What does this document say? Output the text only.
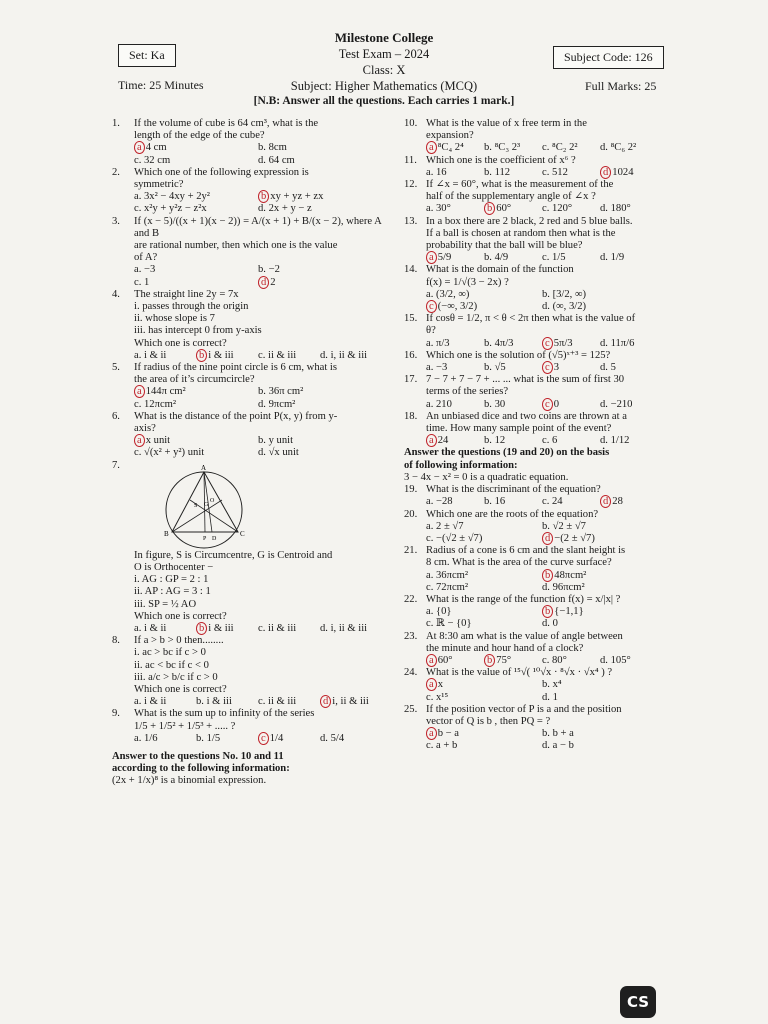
Milestone College
Test Exam – 2024
Class: X
Subject: Higher Mathematics (MCQ)
[N.B: Answer all the questions. Each carries 1 mark.]
Set: Ka	Subject Code: 126
Time: 25 Minutes	Full Marks: 25
1. If the volume of cube is 64 cm³, what is the
length of the edge of the cube?
a 4 cm	b. 8cm
c. 32 cm	d. 64 cm
2. Which one of the following expression is
symmetric?
a. 3x² − 4xy + 2y²	b xy + yz + zx
c. x²y + y²z − z²x	d. 2x + y − z
3. If (x − 5)/((x + 1)(x − 2)) = A/(x + 1) + B/(x − 2), where A and B
are rational number, then which one is the value
of A?
a. −3	b. −2
c. 1	d 2
4. The straight line 2y = 7x
i. passes through the origin
ii. whose slope is 7
iii. has intercept 0 from y-axis
Which one is correct?
a. i & ii	b i & iii	c. ii & iii	d. i, ii & iii
5. If radius of the nine point circle is 6 cm, what is
the area of it’s circumcircle?
a 144π cm²	b. 36π cm²
c. 12πcm²	d. 9πcm²
6. What is the distance of the point P(x, y) from y-
axis?
a x unit	b. y unit
c. √(x² + y²) unit	d. √x unit
7.	A
B	C
S G
O
P D
In figure, S is Circumcentre, G is Centroid and
O is Orthocenter −
i. AG : GP = 2 : 1
ii. AP : AG = 3 : 1
iii. SP = ½ AO
Which one is correct?
a. i & ii	b i & iii	c. ii & iii	d. i, ii & iii
8. If a > b > 0 then........
i. ac > bc if c > 0
ii. ac < bc if c < 0
iii. a/c > b/c if c > 0
Which one is correct?
a. i & ii	b. i & iii	c. ii & iii	d i, ii & iii
9. What is the sum up to infinity of the series
1/5 + 1/5² + 1/5³ + ..... ?
a. 1/6	b. 1/5	c 1/4	d. 5/4
Answer to the questions No. 10 and 11
according to the following information:
(2x + 1/x)⁸ is a binomial expression.
10. What is the value of x free term in the
expansion?
a ⁸C₄ 2⁴	b. ⁸C₃ 2³	c. ⁸C₂ 2²	d. ⁸C₆ 2²
11. Which one is the coefficient of x⁶ ?
a. 16	b. 112	c. 512	d 1024
12. If ∠x = 60°, what is the measurement of the
half of the supplementary angle of ∠x ?
a. 30°	b 60°	c. 120°	d. 180°
13. In a box there are 2 black, 2 red and 5 blue balls.
If a ball is chosen at random then what is the
probability that the ball will be blue?
a 5/9	b. 4/9	c. 1/5	d. 1/9
14. What is the domain of the function
f(x) = 1/√(3 − 2x) ?
a. (3/2, ∞)	b. [3/2, ∞)
c (−∞, 3/2)	d. (∞, 3/2)
15. If cosθ = 1/2, π < θ < 2π then what is the value of
θ?
a. π/3	b. 4π/3	c 5π/3	d. 11π/6
16. Which one is the solution of (√5)ˣ⁺³ = 125?
a. −3	b. √5	c 3	d. 5
17. 7 − 7 + 7 − 7 + ... ... what is the sum of first 30
terms of the series?
a. 210	b. 30	c 0	d. −210
18. An unbiased dice and two coins are thrown at a
time. How many sample point of the event?
a 24	b. 12	c. 6	d. 1/12
Answer the questions (19 and 20) on the basis
of following information:
3 − 4x − x² = 0 is a quadratic equation.
19. What is the discriminant of the equation?
a. −28	b. 16	c. 24	d 28
20. Which one are the roots of the equation?
a. 2 ± √7	b. √2 ± √7
c. −(√2 ± √7)	d −(2 ± √7)
21. Radius of a cone is 6 cm and the slant height is
8 cm. What is the area of the curve surface?
a. 36πcm²	b 48πcm²
c. 72πcm²	d. 96πcm²
22. What is the range of the function f(x) = x/|x| ?
a. {0}	b {−1,1}
c. ℝ − {0}	d. 0
23. At 8:30 am what is the value of angle between
the minute and hour hand of a clock?
a 60°	b 75°	c. 80°	d. 105°
24. What is the value of ¹⁵√( ¹⁰√x · ⁸√x · √x⁴ ) ?
a x	b. x⁴
c. x¹⁵	d. 1
25. If the position vector of P is a and the position
vector of Q is b , then PQ = ?
a b − a	b. b + a
c. a + b	d. a − b
CS
